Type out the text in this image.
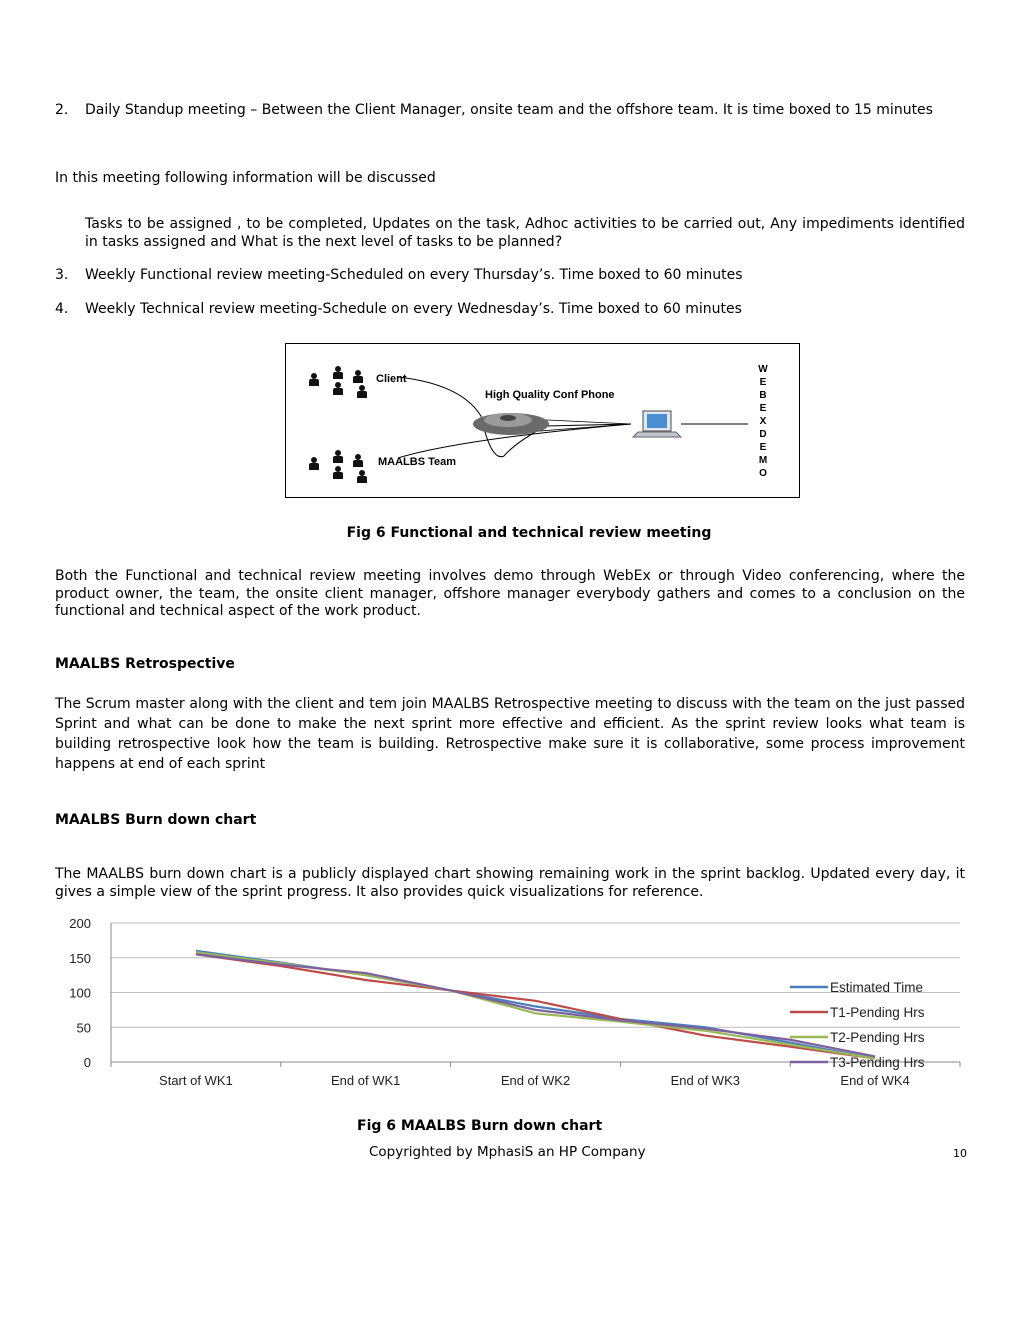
2. Daily Standup meeting – Between the Client Manager, onsite team and the offshore team. It is time boxed to 15 minutes

In this meeting following information will be discussed

Tasks to be assigned , to be completed, Updates on the task, Adhoc activities to be carried out, Any impediments identified in tasks assigned and What is the next level of tasks to be planned?

3. Weekly Functional review meeting-Scheduled on every Thursday’s. Time boxed to 60 minutes

4. Weekly Technical review meeting-Schedule on every Wednesday’s. Time boxed to 60 minutes

Client
High Quality Conf Phone
MAALBS Team
W
E
B
E
X
D
E
M
O

Fig 6 Functional and technical review meeting

Both the Functional and technical review meeting involves demo through WebEx or through Video conferencing, where the product owner, the team, the onsite client manager, offshore manager everybody gathers and comes to a conclusion on the functional and technical aspect of the work product.

MAALBS Retrospective

The Scrum master along with the client and tem join MAALBS Retrospective meeting to discuss with the team on the just passed Sprint and what can be done to make the next sprint more effective and efficient. As the sprint review looks what team is building retrospective look how the team is building. Retrospective make sure it is collaborative, some process improvement happens at end of each sprint

MAALBS Burn down chart

The MAALBS burn down chart is a publicly displayed chart showing remaining work in the sprint backlog. Updated every day, it gives a simple view of the sprint progress. It also provides quick visualizations for reference.

0
50
100
150
200
Start of WK1	End of WK1	End of WK2	End of WK3	End of WK4
Estimated Time
T1-Pending Hrs
T2-Pending Hrs
T3-Pending Hrs

Fig 6 MAALBS Burn down chart

Copyrighted by MphasiS an HP Company	10
